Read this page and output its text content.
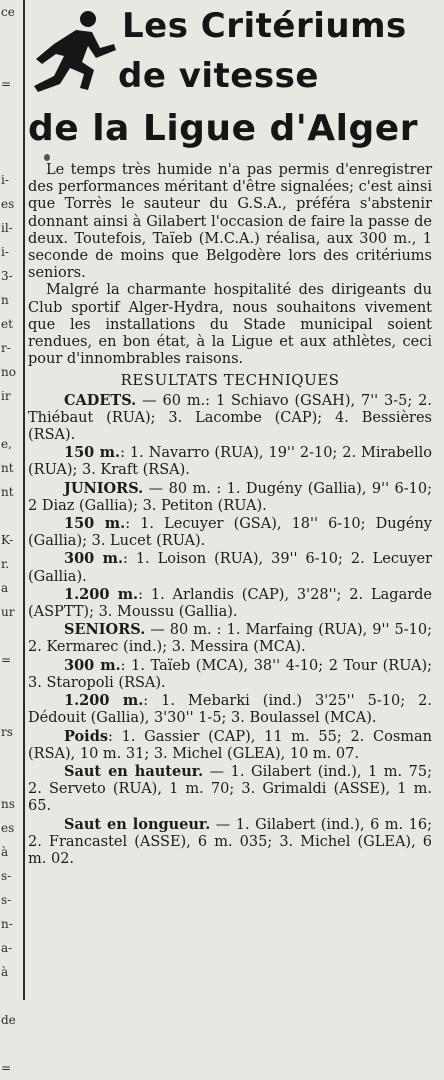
ce

=

i-
es
il-
i-
3-
n
et
r-
no
ir

e,
nt
nt

K-
r.
a
ur

=

rs

ns
es
à
s-
s-
n-
a-
à

de

=
Les Critériums
de vitesse
de la Ligue d'Alger

Le temps très humide n'a pas permis d'enregistrer des performances méritant d'être signalées; c'est ainsi que Torrès le sauteur du G.S.A., préféra s'abstenir donnant ainsi à Gilabert l'occasion de faire la passe de deux. Toutefois, Taïeb (M.C.A.) réalisa, aux 300 m., 1 seconde de moins que Belgodère lors des critériums seniors.

Malgré la charmante hospitalité des dirigeants du Club sportif Alger-Hydra, nous souhaitons vivement que les installations du Stade municipal soient rendues, en bon état, à la Ligue et aux athlètes, ceci pour d'innombrables raisons.

RESULTATS TECHNIQUES

CADETS. — 60 m.: 1 Schiavo (GSAH), 7'' 3-5; 2. Thiébaut (RUA); 3. Lacombe (CAP); 4. Bessières (RSA).

150 m.: 1. Navarro (RUA), 19'' 2-10; 2. Mirabello (RUA); 3. Kraft (RSA).

JUNIORS. — 80 m. : 1. Dugény (Gallia), 9'' 6-10; 2 Diaz (Gallia); 3. Petiton (RUA).

150 m.: 1. Lecuyer (GSA), 18'' 6-10; Dugény (Gallia); 3. Lucet (RUA).

300 m.: 1. Loison (RUA), 39'' 6-10; 2. Lecuyer (Gallia).

1.200 m.: 1. Arlandis (CAP), 3'28''; 2. Lagarde (ASPTT); 3. Moussu (Gallia).

SENIORS. — 80 m. : 1. Marfaing (RUA), 9'' 5-10; 2. Kermarec (ind.); 3. Messira (MCA).

300 m.: 1. Taïeb (MCA), 38'' 4-10; 2 Tour (RUA); 3. Staropoli (RSA).

1.200 m.: 1. Mebarki (ind.) 3'25'' 5-10; 2. Dédouit (Gallia), 3'30'' 1-5; 3. Boulassel (MCA).

Poids: 1. Gassier (CAP), 11 m. 55; 2. Cosman (RSA), 10 m. 31; 3. Michel (GLEA), 10 m. 07.

Saut en hauteur. — 1. Gilabert (ind.), 1 m. 75; 2. Serveto (RUA), 1 m. 70; 3. Grimaldi (ASSE), 1 m. 65.

Saut en longueur. — 1. Gilabert (ind.), 6 m. 16; 2. Francastel (ASSE), 6 m. 035; 3. Michel (GLEA), 6 m. 02.
